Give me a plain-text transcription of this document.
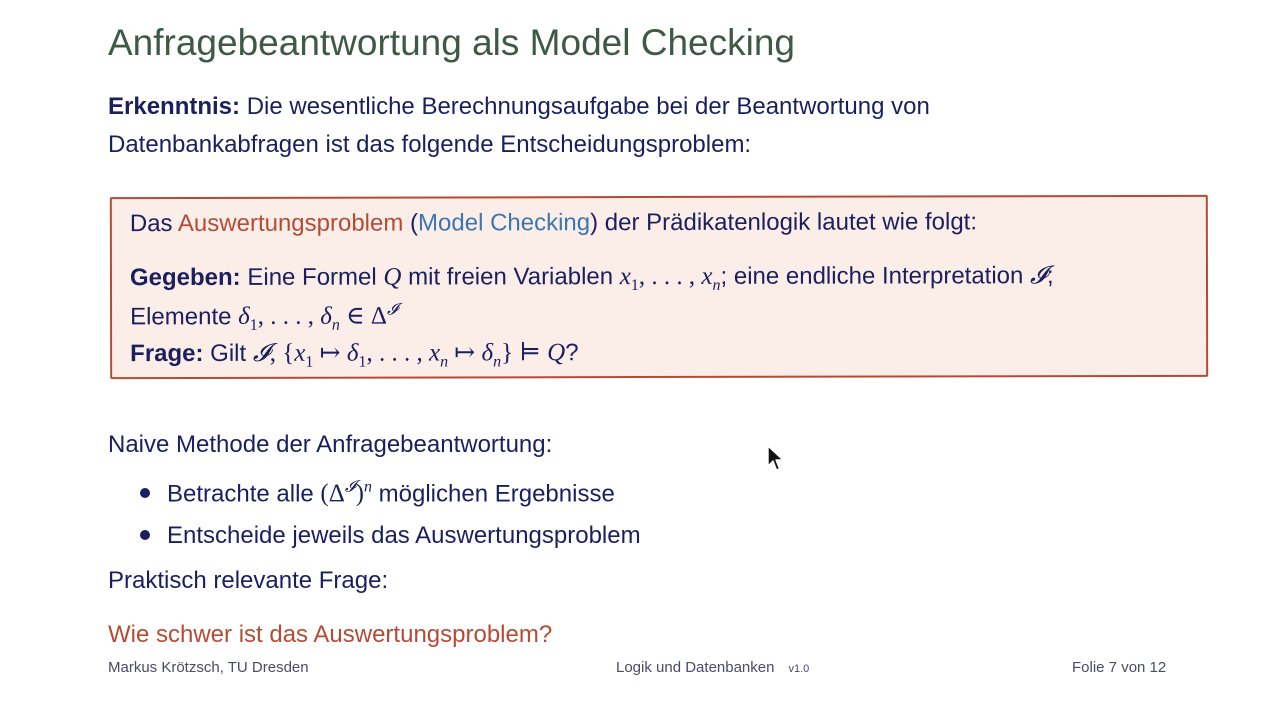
Anfragebeantwortung als Model Checking
Erkenntnis: Die wesentliche Berechnungsaufgabe bei der Beantwortung von
Datenbankabfragen ist das folgende Entscheidungsproblem:
Das Auswertungsproblem (Model Checking) der Prädikatenlogik lautet wie folgt:
Gegeben: Eine Formel Q mit freien Variablen $x_1$, . . . , $x_n$; eine endliche Interpretation 𝓘;
Elemente $\delta_1$, . . . , $\delta_n$ ∈ $\Delta^𝓘$
Frage: Gilt 𝓘, {$x_1$ ↦ $\delta_1$, . . . , $x_n$ ↦ $\delta_n$} ⊨ Q?
Naive Methode der Anfragebeantwortung:
Betrachte alle $(\Delta^𝓘)^n$ möglichen Ergebnisse
Entscheide jeweils das Auswertungsproblem
Praktisch relevante Frage:
Wie schwer ist das Auswertungsproblem?
Markus Krötzsch, TU Dresden	Logik und Datenbanken v1.0	Folie 7 von 12
